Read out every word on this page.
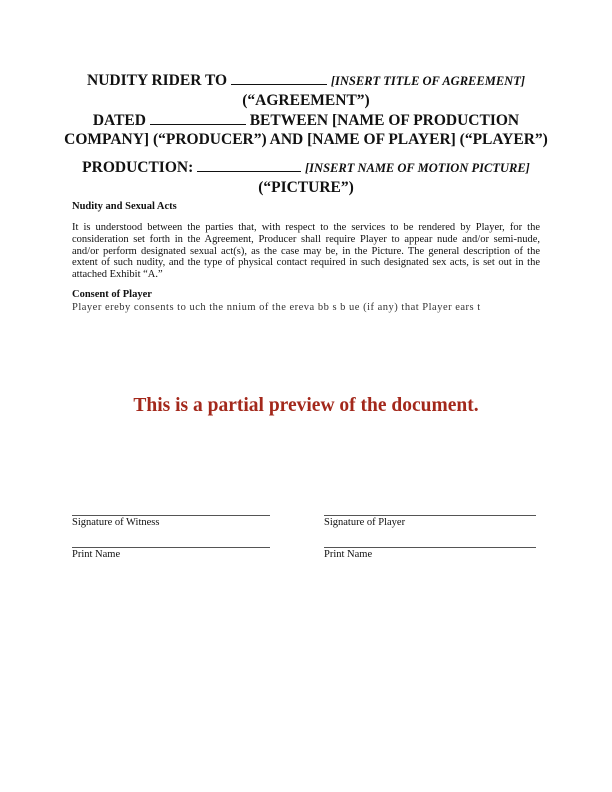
NUDITY RIDER TO	[INSERT TITLE OF AGREEMENT]
(“AGREEMENT”)
DATED	BETWEEN [NAME OF PRODUCTION
COMPANY] (“PRODUCER”) AND [NAME OF PLAYER] (“PLAYER”)
PRODUCTION:	[INSERT NAME OF MOTION PICTURE]
(“PICTURE”)
Nudity and Sexual Acts
It is understood between the parties that, with respect to the services to be rendered by Player, for the consideration set forth in the Agreement, Producer shall require Player to appear nude and/or semi-nude, and/or perform designated sexual act(s), as the case may be, in the Picture. The general description of the extent of such nudity, and the type of physical contact required in such designated sex acts, is set out in the attached Exhibit “A.”
Consent of Player
Player ereby consents to uch the nnium of the ereva bb s b ue (if any) that Player ears t
This is a partial preview of the document.
Signature of Witness	Signature of Player
Print Name	Print Name
